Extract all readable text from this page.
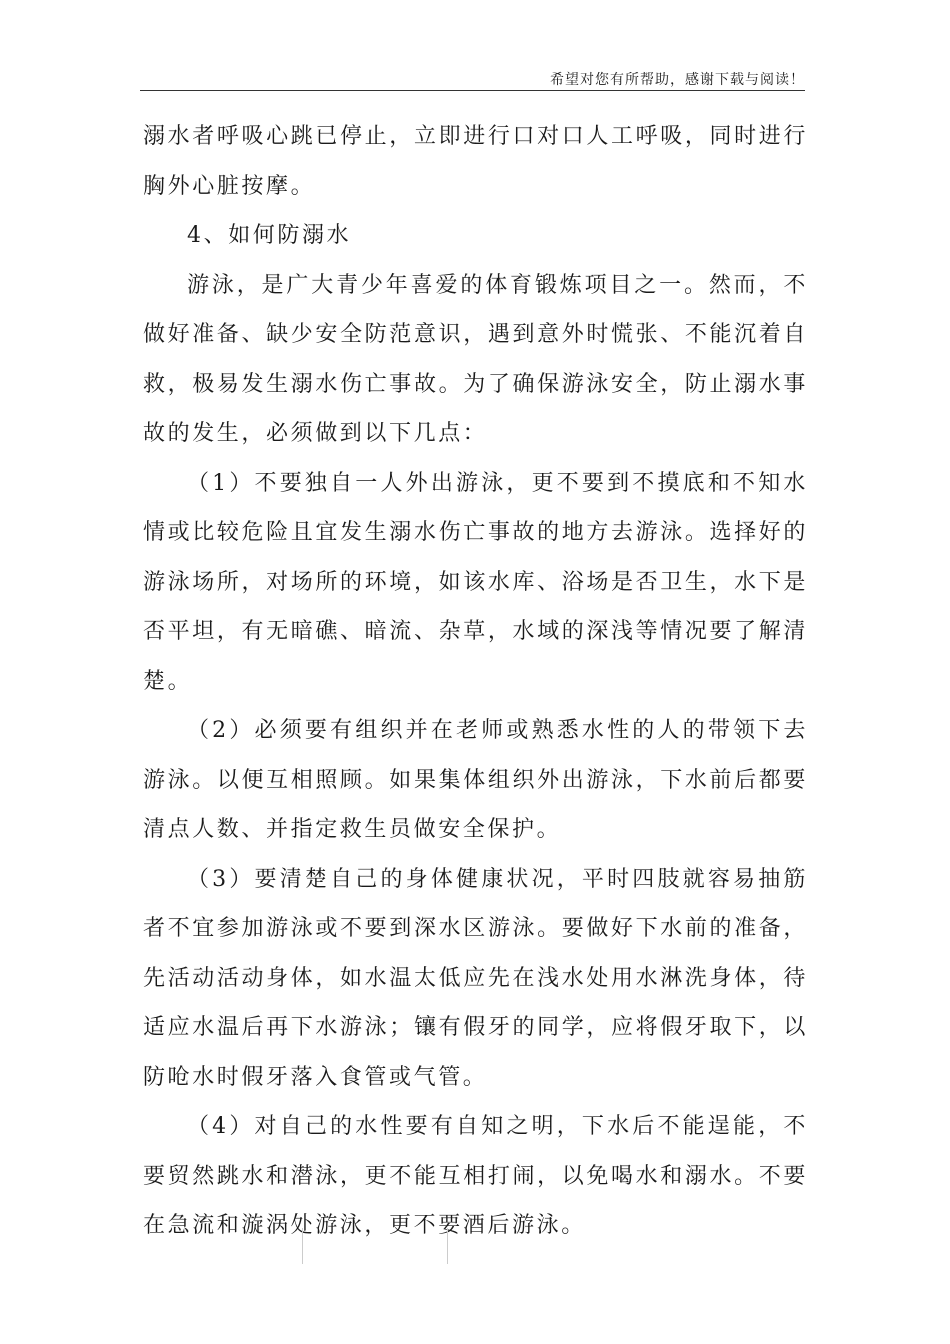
希望对您有所帮助，感谢下载与阅读！

溺水者呼吸心跳已停止，立即进行口对口人工呼吸，同时进行胸外心脏按摩。

4、如何防溺水

游泳，是广大青少年喜爱的体育锻炼项目之一。然而，不做好准备、缺少安全防范意识，遇到意外时慌张、不能沉着自救，极易发生溺水伤亡事故。为了确保游泳安全，防止溺水事故的发生，必须做到以下几点：

（1）不要独自一人外出游泳，更不要到不摸底和不知水情或比较危险且宜发生溺水伤亡事故的地方去游泳。选择好的游泳场所，对场所的环境，如该水库、浴场是否卫生，水下是否平坦，有无暗礁、暗流、杂草，水域的深浅等情况要了解清楚。

（2）必须要有组织并在老师或熟悉水性的人的带领下去游泳。以便互相照顾。如果集体组织外出游泳，下水前后都要清点人数、并指定救生员做安全保护。

（3）要清楚自己的身体健康状况，平时四肢就容易抽筋者不宜参加游泳或不要到深水区游泳。要做好下水前的准备，先活动活动身体，如水温太低应先在浅水处用水淋洗身体，待适应水温后再下水游泳；镶有假牙的同学，应将假牙取下，以防呛水时假牙落入食管或气管。

（4）对自己的水性要有自知之明，下水后不能逞能，不要贸然跳水和潜泳，更不能互相打闹，以免喝水和溺水。不要在急流和漩涡处游泳，更不要酒后游泳。
